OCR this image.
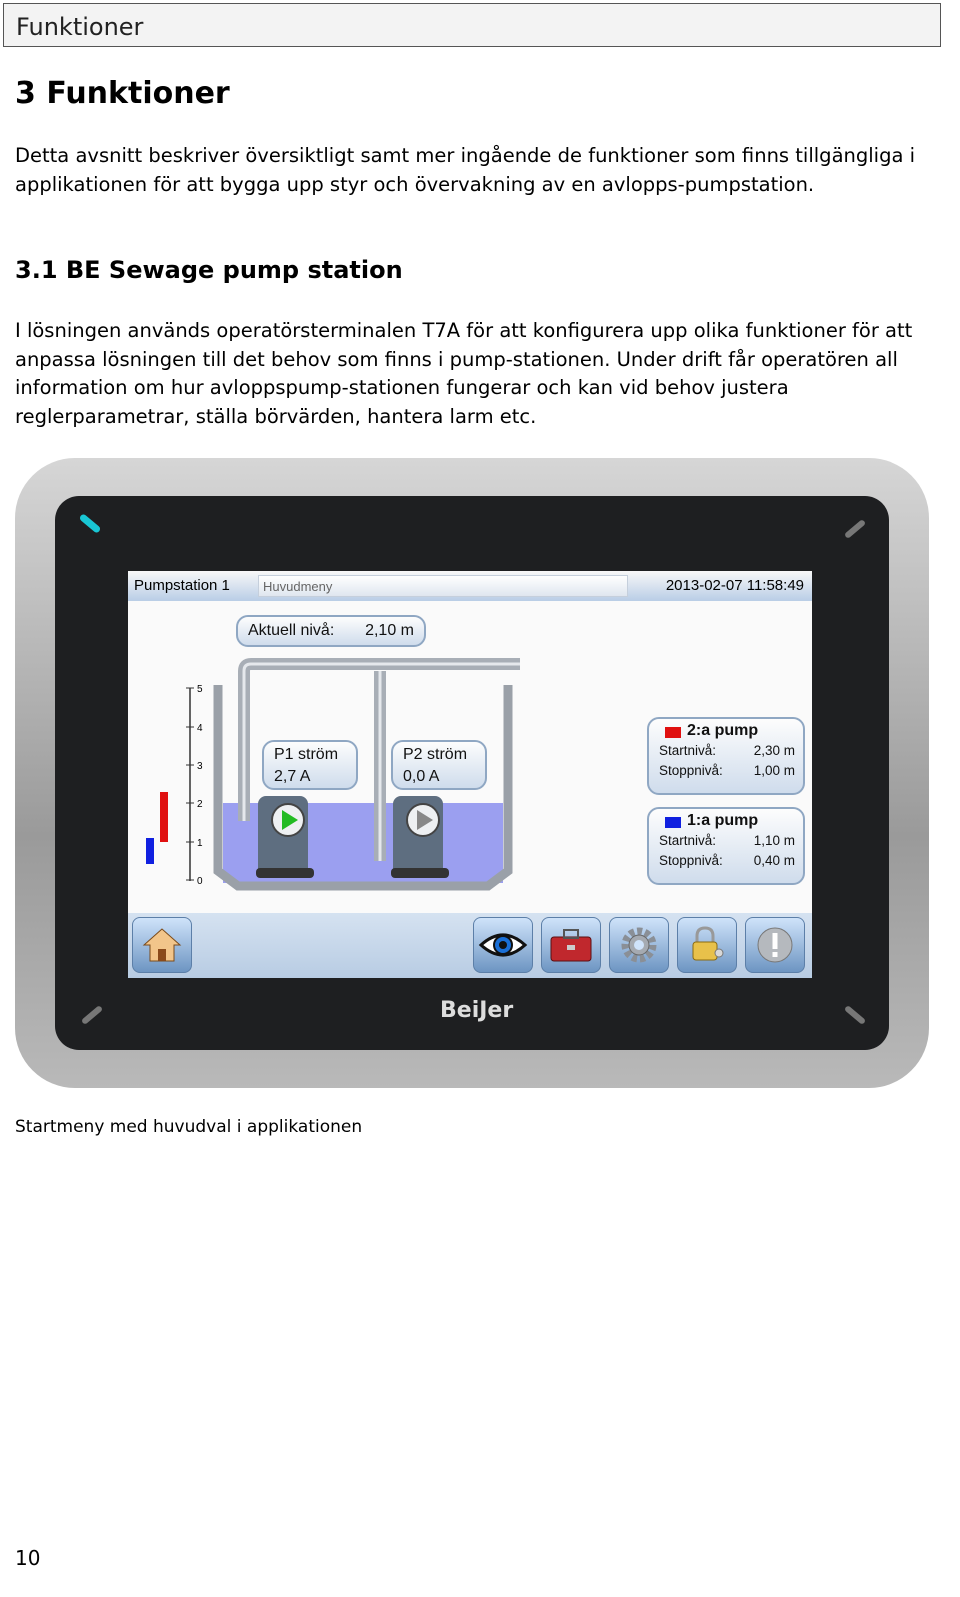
Funktioner
3 Funktioner

Detta avsnitt beskriver översiktligt samt mer ingående de funktioner som finns tillgängliga i applikationen för att bygga upp styr och övervakning av en avlopps-pumpstation.

3.1 BE Sewage pump station

I lösningen används operatörsterminalen T7A för att konfigurera upp olika funktioner för att anpassa lösningen till det behov som finns i pump-stationen. Under drift får operatören all information om hur avloppspump-stationen fungerar och kan vid behov justera reglerparametrar, ställa börvärden, hantera larm etc.

BeiJer
Pumpstation 1	Huvudmeny	2013-02-07 11:58:49
Aktuell nivå: 2,10 m
5
4
3
2
1
0
P1 ström
2,7 A
P2 ström
0,0 A
2:a pump
Startnivå:	2,30 m
Stoppnivå: 1,00 m
1:a pump
Startnivå:	1,10 m
Stoppnivå: 0,40 m
Startmeny med huvudval i applikationen
10
